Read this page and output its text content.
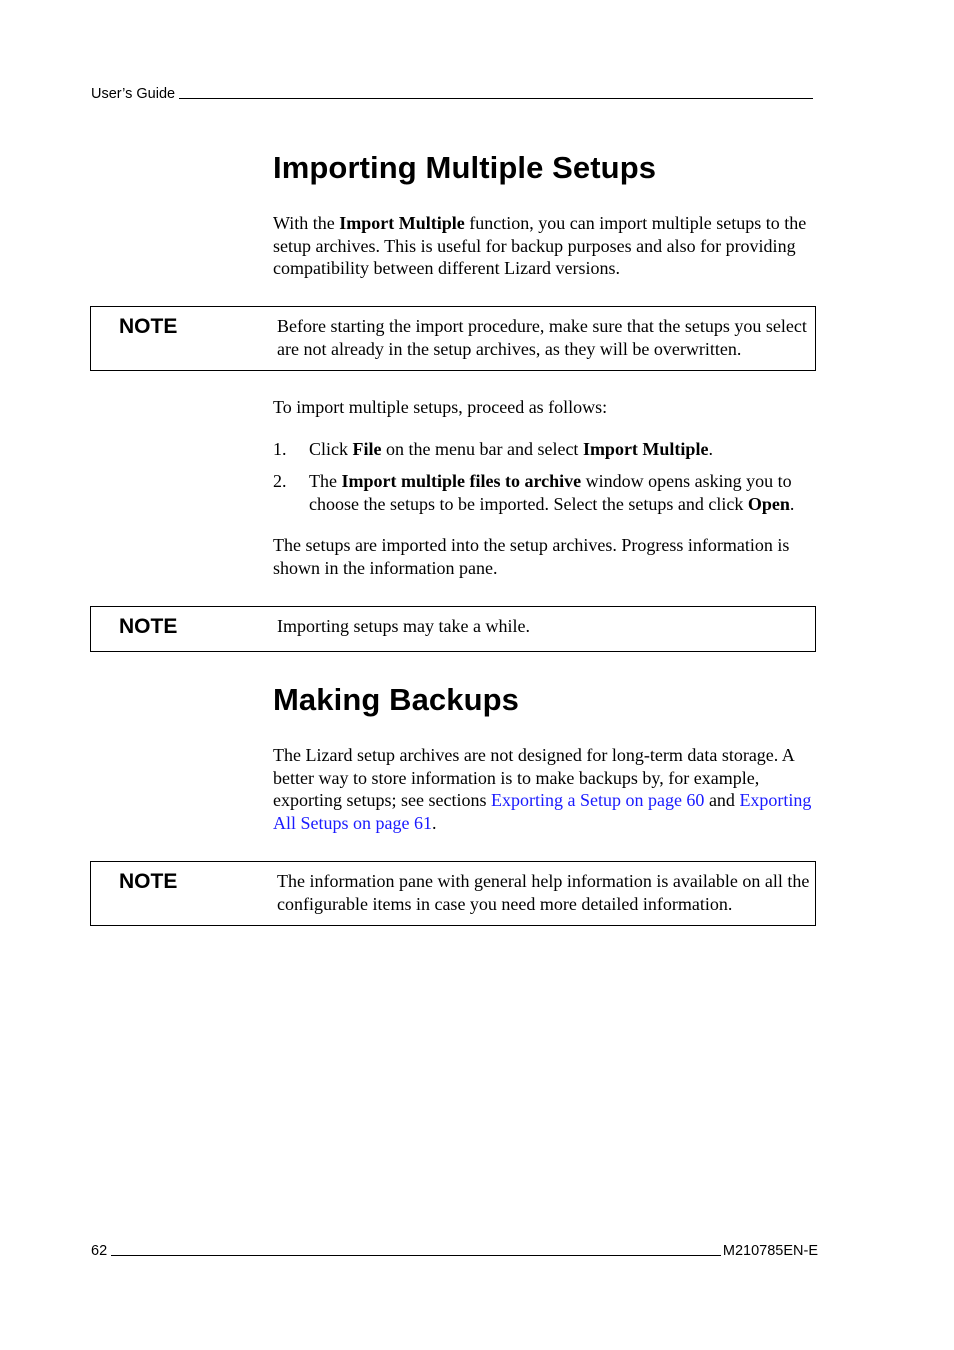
User’s Guide
Importing Multiple Setups

With the Import Multiple function, you can import multiple setups to the setup archives. This is useful for backup purposes and also for providing compatibility between different Lizard versions.

NOTE	Before starting the import procedure, make sure that the setups you select are not already in the setup archives, as they will be overwritten.

To import multiple setups, proceed as follows:

1. Click File on the menu bar and select Import Multiple.
2. The Import multiple files to archive window opens asking you to choose the setups to be imported. Select the setups and click Open.

The setups are imported into the setup archives. Progress information is shown in the information pane.

NOTE	Importing setups may take a while.
Making Backups

The Lizard setup archives are not designed for long-term data storage. A better way to store information is to make backups by, for example, exporting setups; see sections Exporting a Setup on page 60 and Exporting All Setups on page 61.

NOTE	The information pane with general help information is available on all the configurable items in case you need more detailed information.
62	M210785EN-E
